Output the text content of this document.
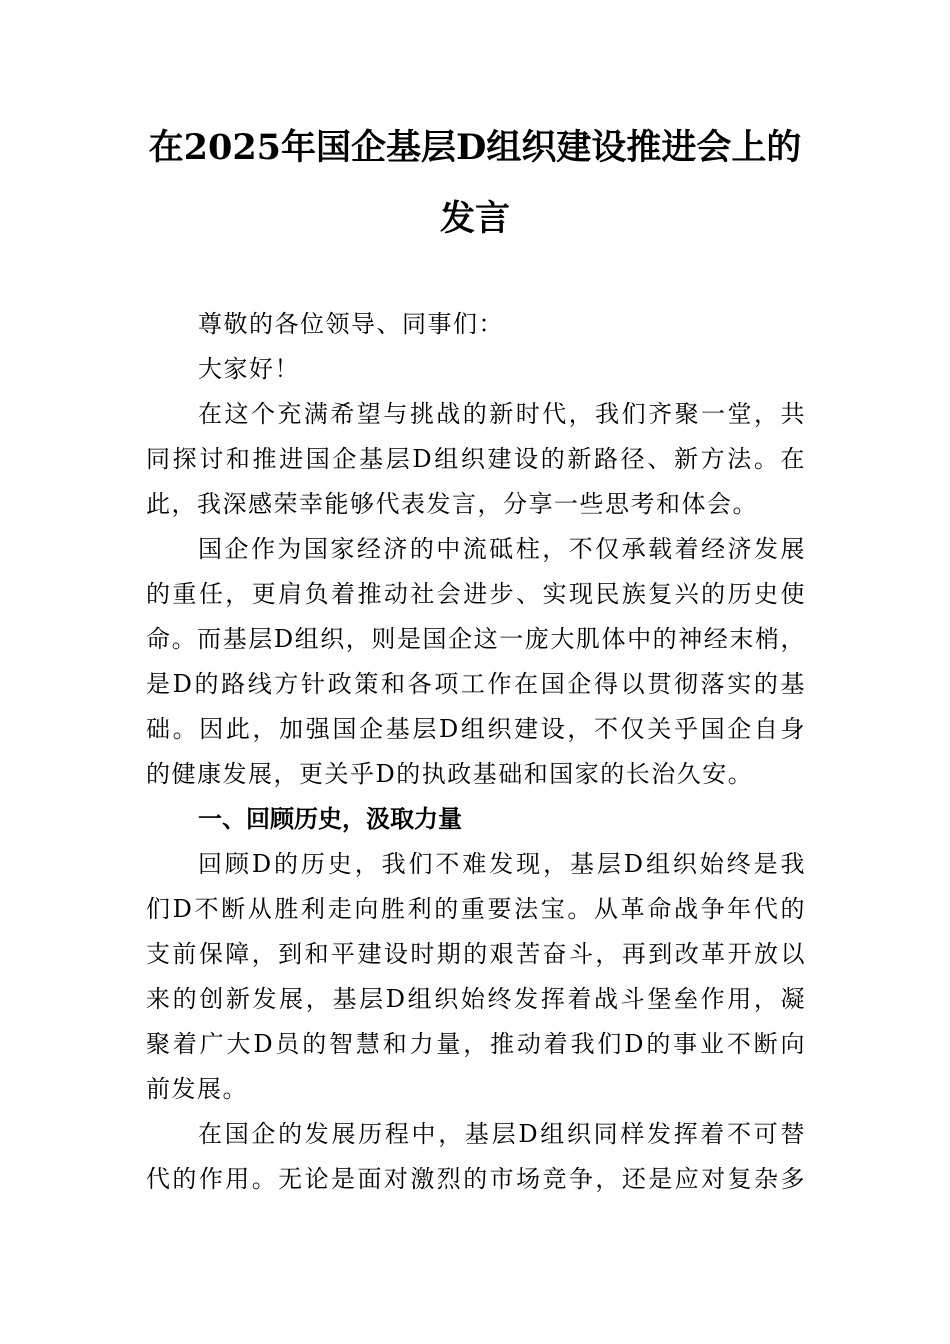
在2025年国企基层D组织建设推进会上的
发言
尊敬的各位领导、同事们：
大家好！
在这个充满希望与挑战的新时代，我们齐聚一堂，共
同探讨和推进国企基层D组织建设的新路径、新方法。在
此，我深感荣幸能够代表发言，分享一些思考和体会。
国企作为国家经济的中流砥柱，不仅承载着经济发展
的重任，更肩负着推动社会进步、实现民族复兴的历史使
命。而基层D组织，则是国企这一庞大肌体中的神经末梢，
是D的路线方针政策和各项工作在国企得以贯彻落实的基
础。因此，加强国企基层D组织建设，不仅关乎国企自身
的健康发展，更关乎D的执政基础和国家的长治久安。
一、回顾历史，汲取力量
回顾D的历史，我们不难发现，基层D组织始终是我
们D不断从胜利走向胜利的重要法宝。从革命战争年代的
支前保障，到和平建设时期的艰苦奋斗，再到改革开放以
来的创新发展，基层D组织始终发挥着战斗堡垒作用，凝
聚着广大D员的智慧和力量，推动着我们D的事业不断向
前发展。
在国企的发展历程中，基层D组织同样发挥着不可替
代的作用。无论是面对激烈的市场竞争，还是应对复杂多
